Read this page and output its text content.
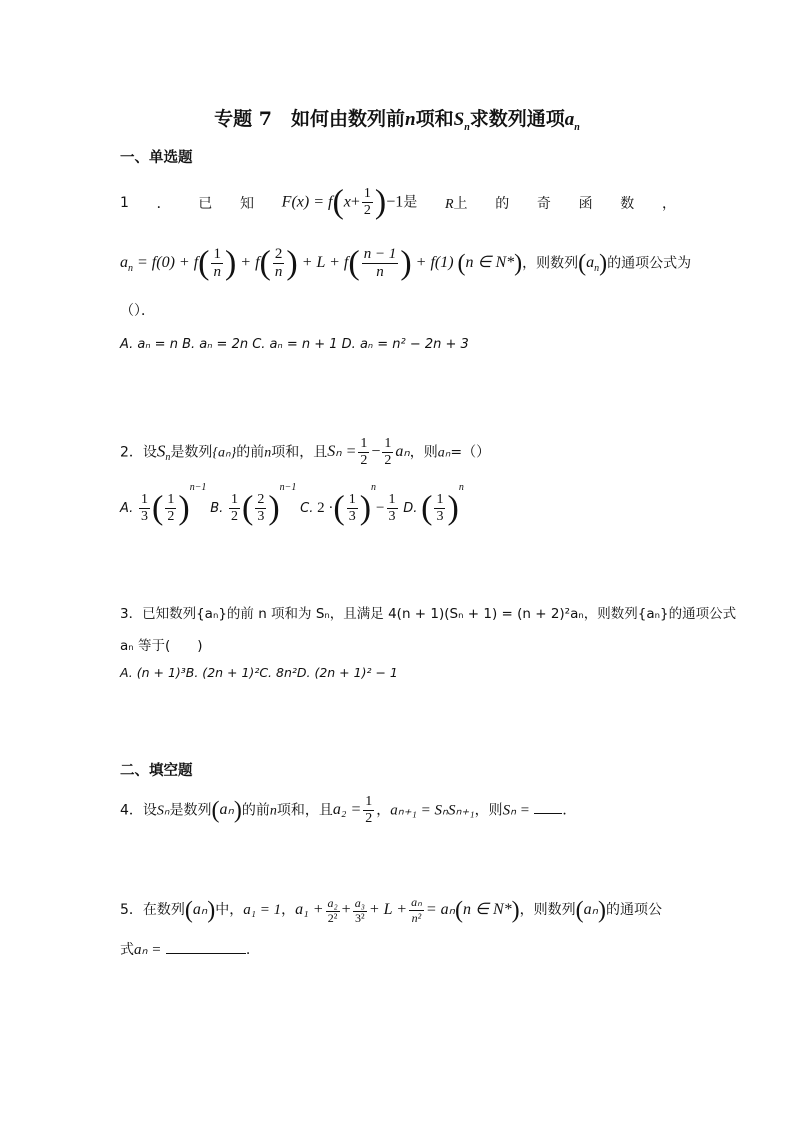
专题 7　如何由数列前n项和$S_n$求数列通项$a_n$
一、单选题
1 ． 已 知 $F(x) = f(x+ \frac{1}{2} )-1$是 R上 的 奇 函 数 ，
$a_n = f(0) + f( \frac{1}{n}) + f( \frac{2}{n}) + L + f( \frac{n - 1}{n}) + f(1)$ (n ∈ N*)，则数列$(a_n)$的通项公式为
（）．
A. aₙ = n B. aₙ = 2n C. aₙ = n + 1 D. aₙ = n² − 2n + 3
2．设$S_n$是数列{aₙ}的前n项和，且$S_n = \frac{1}{2} - \frac{1}{2}$ aₙ，则aₙ=（）
A. $\frac{1}{3}$ ( $\frac{1}{2} )^{n-1}$ B. $\frac{1}{2}$ ( $\frac{2}{3} )^{n-1}$ C. 2 ·( $\frac{1}{3} )^n- \frac{1}{3} D$. ( $\frac{1}{3} )^n$
3．已知数列{aₙ}的前 n 项和为 Sₙ，且满足 4(n + 1)(Sₙ + 1) = (n + 2)²aₙ，则数列{aₙ}的通项公式
aₙ 等于(　　)
A. (n + 1)³B. (2n + 1)²C. 8n²D. (2n + 1)² − 1
二、填空题
4．设Sₙ是数列(aₙ)的前n项和，且$a_2 = \frac{1}{2}$ ，aₙ₊₁ = SₙSₙ₊₁，则Sₙ = ．
5．在数列(aₙ)中，a₁ = 1，$a_1 + \frac{\text{a₂}}{\text{2²}} + \frac{\text{a₃}}{\text{3²}} + L + \frac{\text{aₙ}}{\text{n²}} = a_n(n$ ∈ N*)，则数列(aₙ)的通项公
式aₙ =	.
